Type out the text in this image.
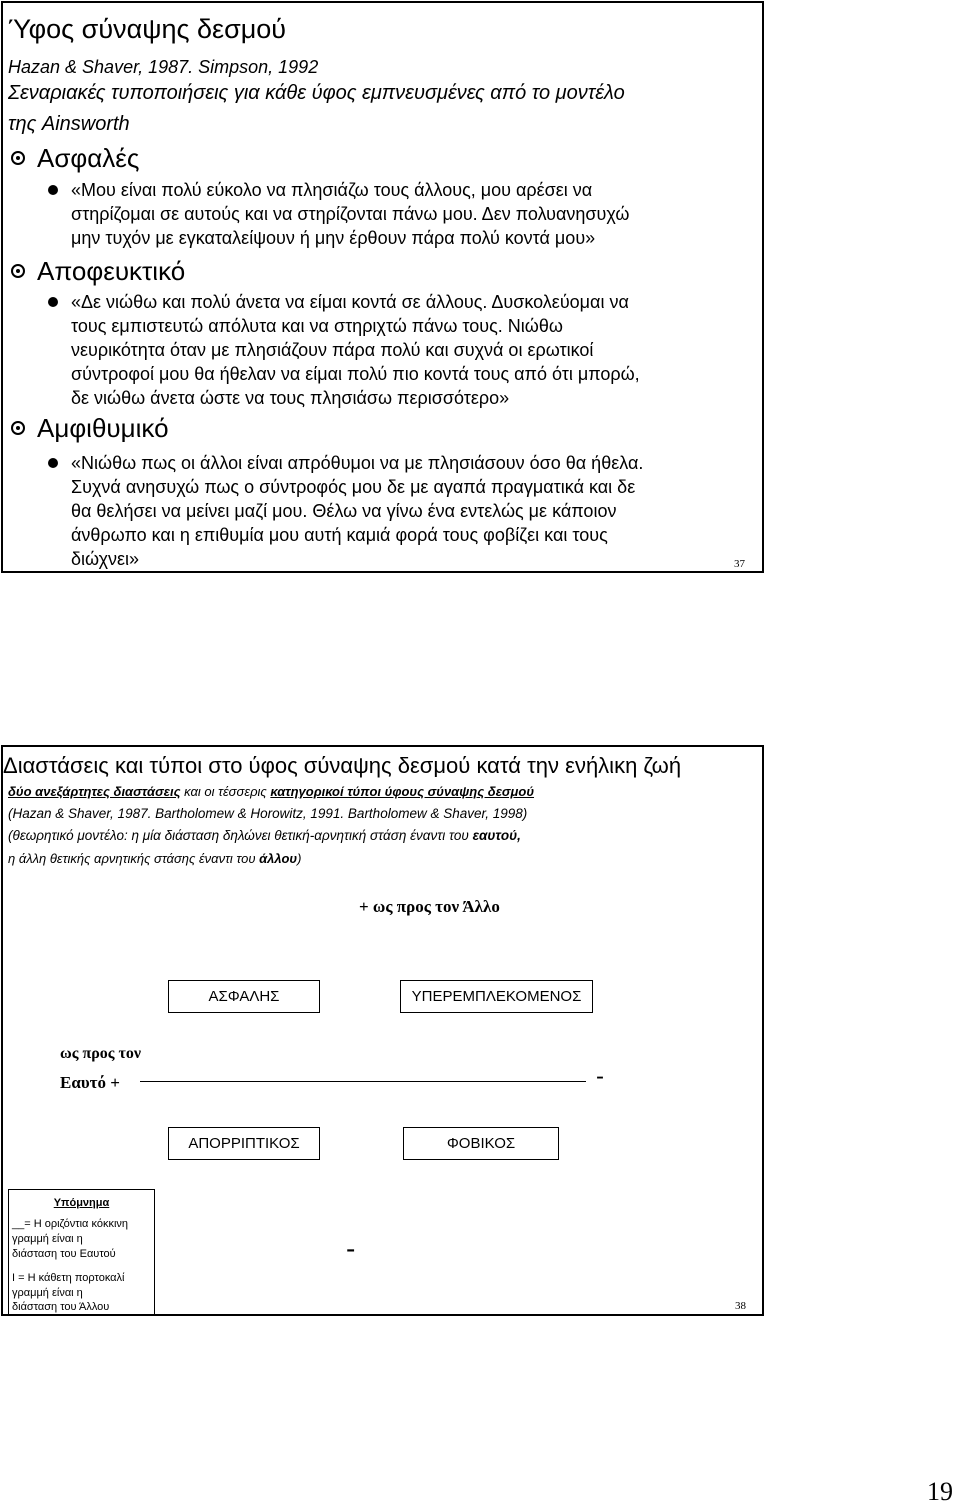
Ύφος σύναψης δεσμού
Hazan & Shaver, 1987. Simpson, 1992
Σεναριακές τυποποιήσεις για κάθε ύφος εμπνευσμένες από το μοντέλο
της Ainsworth
Ασφαλές
«Μου είναι πολύ εύκολο να πλησιάζω τους άλλους, μου αρέσει να
στηρίζομαι σε αυτούς και να στηρίζονται πάνω μου. Δεν πολυανησυχώ
μην τυχόν με εγκαταλείψουν ή μην έρθουν πάρα πολύ κοντά μου»
Αποφευκτικό
«Δε νιώθω και πολύ άνετα να είμαι κοντά σε άλλους. Δυσκολεύομαι να
τους εμπιστευτώ απόλυτα και να στηριχτώ πάνω τους. Νιώθω
νευρικότητα όταν με πλησιάζουν πάρα πολύ και συχνά οι ερωτικοί
σύντροφοί μου θα ήθελαν να είμαι πολύ πιο κοντά τους από ότι μπορώ,
δε νιώθω άνετα ώστε να τους πλησιάσω περισσότερο»
Αμφιθυμικό
«Νιώθω πως οι άλλοι είναι απρόθυμοι να με πλησιάσουν όσο θα ήθελα.
Συχνά ανησυχώ πως ο σύντροφός μου δε με αγαπά πραγματικά και δε
θα θελήσει να μείνει μαζί μου. Θέλω να γίνω ένα εντελώς με κάποιον
άνθρωπο και η επιθυμία μου αυτή καμιά φορά τους φοβίζει και τους
διώχνει»	37
Διαστάσεις και τύποι στο ύφος σύναψης δεσμού κατά την ενήλικη ζωή
δύο ανεξάρτητες διαστάσεις και οι τέσσερις κατηγορικοί τύποι ύφους σύναψης δεσμού
(Hazan & Shaver, 1987. Bartholomew & Horowitz, 1991. Bartholomew & Shaver, 1998)
(θεωρητικό μοντέλο: η μία διάσταση δηλώνει θετική-αρνητική στάση έναντι του εαυτού,
η άλλη θετικής αρνητικής στάσης έναντι του άλλου)
+ ως προς τον Άλλο
ΑΣΦΑΛΗΣ	ΥΠΕΡΕΜΠΛΕΚΟΜΕΝΟΣ
ως προς τον
Εαυτό +	-
ΑΠΟΡΡΙΠΤΙΚΟΣ	ΦΟΒΙΚΟΣ
-
Υπόμνημα
__= Η οριζόντια κόκκινη
γραμμή είναι η
διάσταση του Εαυτού
I = Η κάθετη πορτοκαλί
γραμμή είναι η
διάσταση του Άλλου	38
19
